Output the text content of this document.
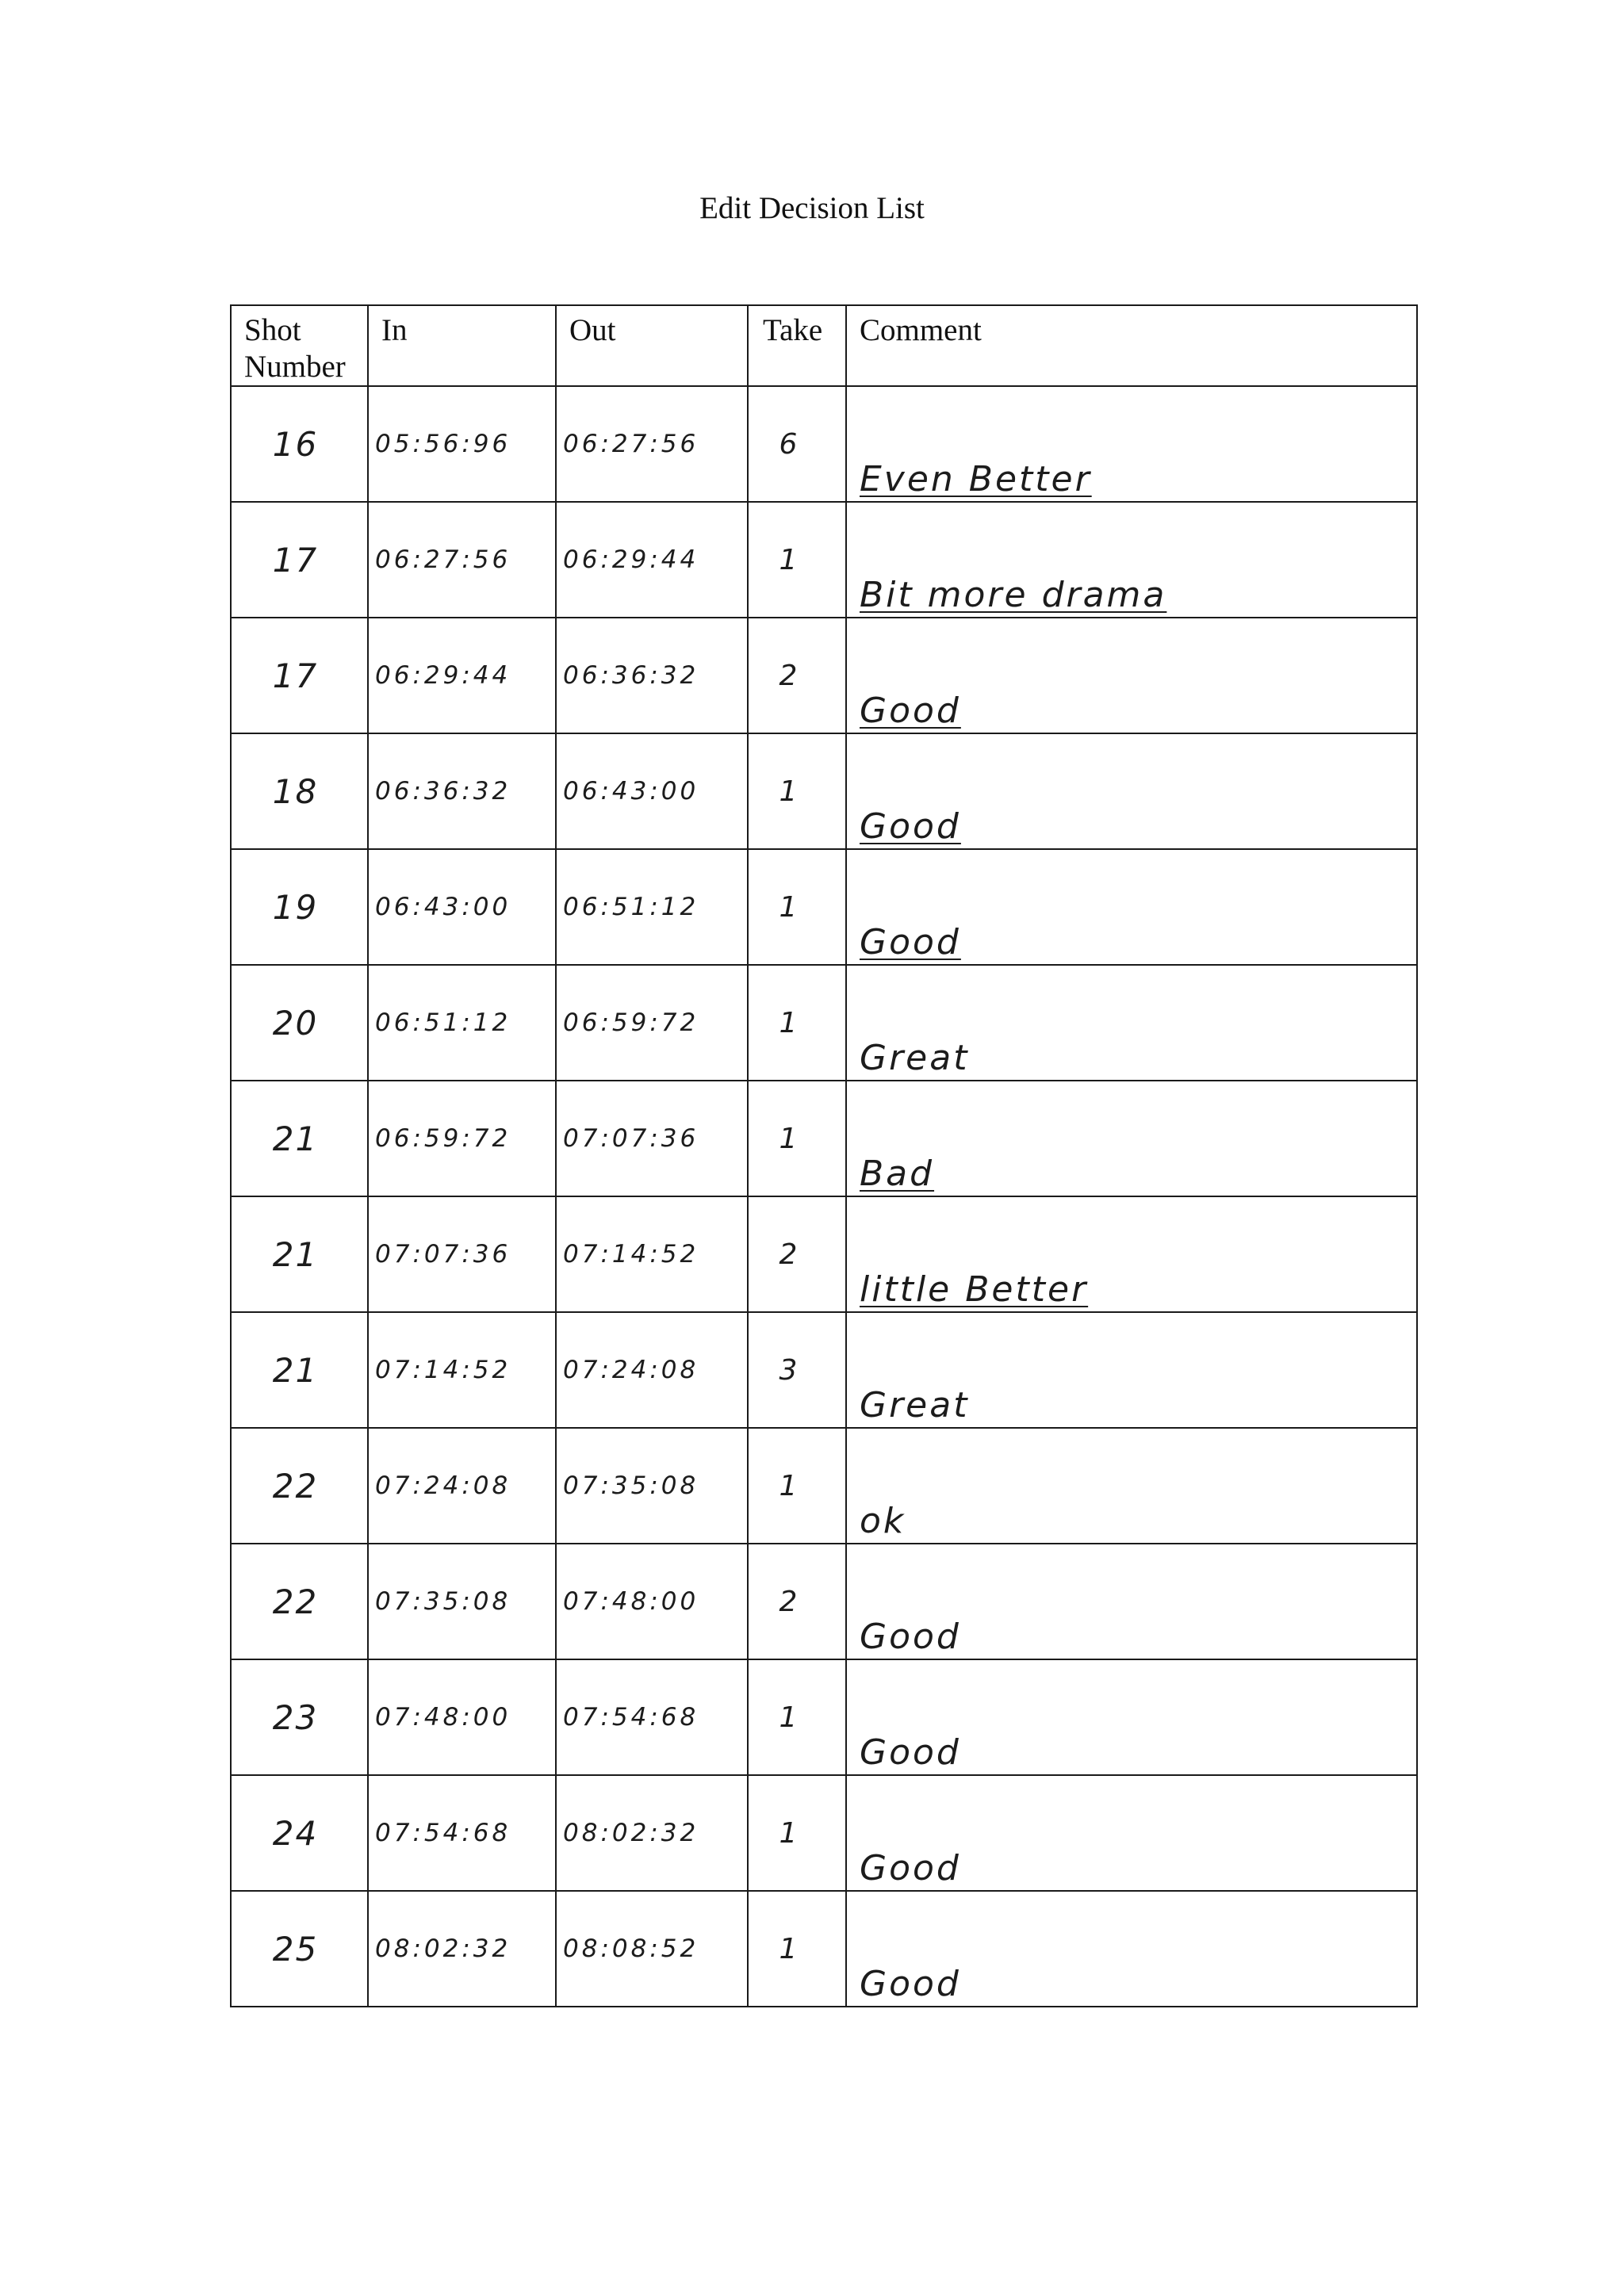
Edit Decision List
Shot Number	In	Out	Take	Comment

16	05:56:96	06:27:56	6	Even Better

17	06:27:56	06:29:44	1	Bit more drama

17	06:29:44	06:36:32	2	Good

18	06:36:32	06:43:00	1	Good

19	06:43:00	06:51:12	1	Good

20	06:51:12	06:59:72	1	Great

21	06:59:72	07:07:36	1	Bad

21	07:07:36	07:14:52	2	little Better

21	07:14:52	07:24:08	3	Great

22	07:24:08	07:35:08	1	ok

22	07:35:08	07:48:00	2	Good

23	07:48:00	07:54:68	1	Good

24	07:54:68	08:02:32	1	Good

25	08:02:32	08:08:52	1	Good
